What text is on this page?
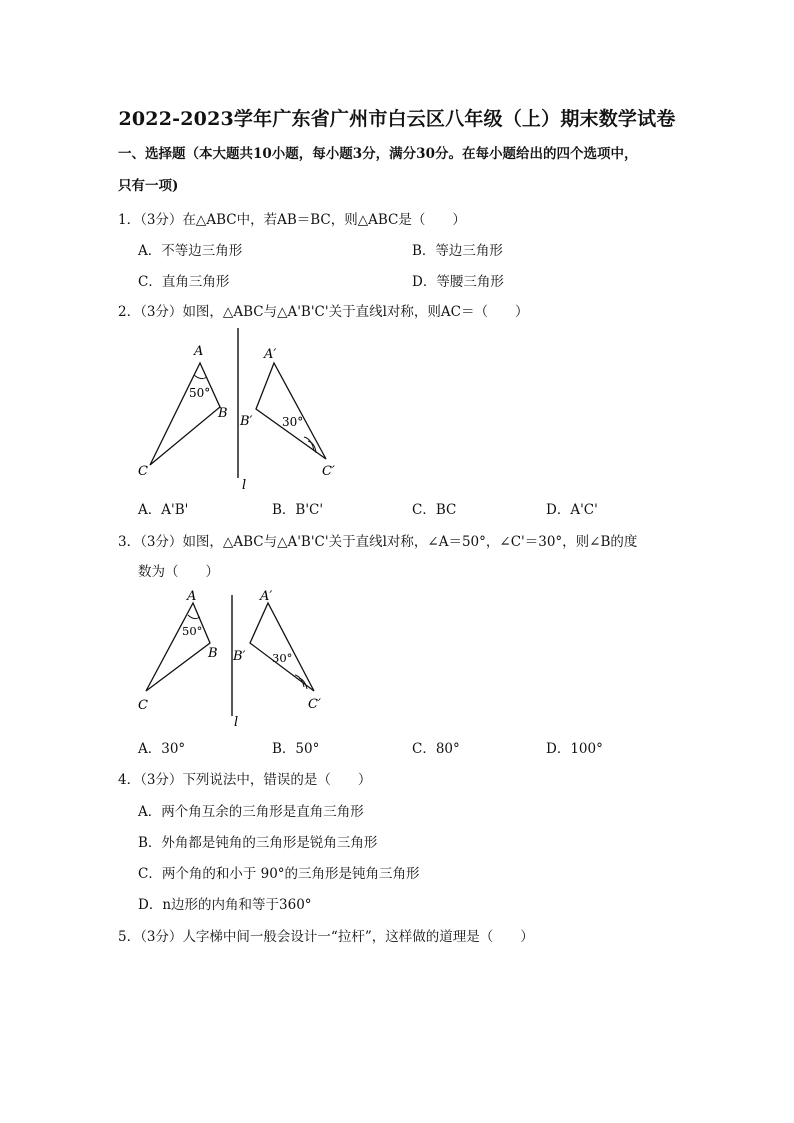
2022-2023学年广东省广州市白云区八年级（上）期末数学试卷
一、选择题（本大题共10小题，每小题3分，满分30分。在每小题给出的四个选项中，
只有一项)
1．（3分）在△ABC中，若AB＝BC，则△ABC是（　　）
A．不等边三角形	B．等边三角形
C．直角三角形	D．等腰三角形
2．（3分）如图，△ABC与△A'B'C'关于直线l对称，则AC＝（　　）
A
50°
B
C
A′
B′ 30°
C′
l
A．A'B'	B．B'C'	C．BC	D．A'C'
3．（3分）如图，△ABC与△A'B'C'关于直线l对称，∠A＝50°，∠C'＝30°，则∠B的度
数为（　　）
A
50°
B
C
A′
B′ 30°
C′
l
A．30°	B．50°	C．80°	D．100°
4．（3分）下列说法中，错误的是（　　）
A．两个角互余的三角形是直角三角形
B．外角都是钝角的三角形是锐角三角形
C．两个角的和小于 90°的三角形是钝角三角形
D．n边形的内角和等于360°
5．（3分）人字梯中间一般会设计一“拉杆”，这样做的道理是（　　）
